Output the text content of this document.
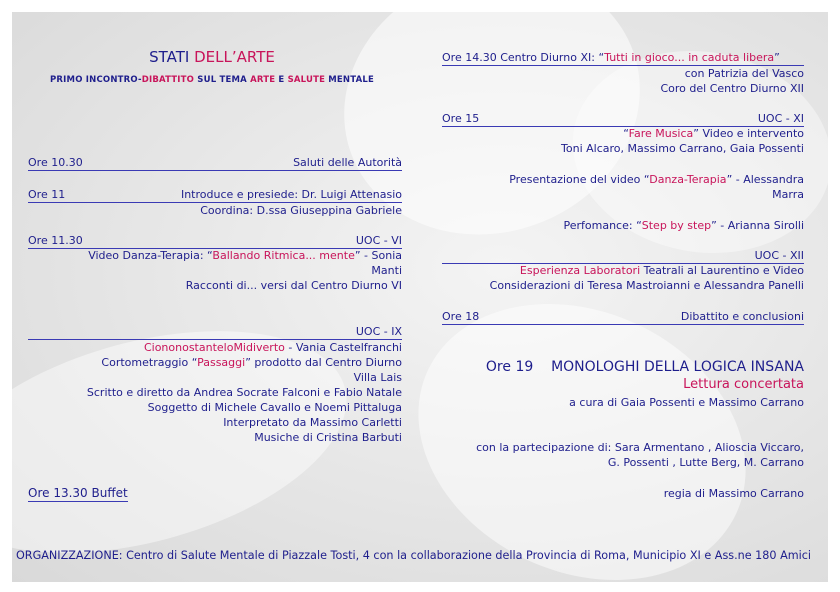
STATI DELL’ARTE
PRIMO INCONTRO-DIBATTITO SUL TEMA ARTE E SALUTE MENTALE
Ore 10.30	Saluti delle Autorità
Ore 11	Introduce e presiede: Dr. Luigi Attenasio
Coordina: D.ssa Giuseppina Gabriele
Ore 11.30	UOC - VI
Video Danza-Terapia: “Ballando Ritmica... mente” - Sonia
Manti
Racconti di... versi dal Centro Diurno VI
UOC - IX
CiononostanteloMidiverto - Vania Castelfranchi
Cortometraggio “Passaggi” prodotto dal Centro Diurno
Villa Lais
Scritto e diretto da Andrea Socrate Falconi e Fabio Natale
Soggetto di Michele Cavallo e Noemi Pittaluga
Interpretato da Massimo Carletti
Musiche di Cristina Barbuti
Ore 13.30 Buffet
Ore 14.30 Centro Diurno XI: “Tutti in gioco... in caduta libera”
con Patrizia del Vasco
Coro del Centro Diurno XII
Ore 15	UOC - XI
“Fare Musica” Video e intervento
Toni Alcaro, Massimo Carrano, Gaia Possenti
Presentazione del video “Danza-Terapia” - Alessandra
Marra
Perfomance: “Step by step” - Arianna Sirolli
UOC - XII
Esperienza Laboratori Teatrali al Laurentino e Video
Considerazioni di Teresa Mastroianni e Alessandra Panelli
Ore 18	Dibattito e conclusioni
Ore 19 MONOLOGHI DELLA LOGICA INSANA
Lettura concertata
a cura di Gaia Possenti e Massimo Carrano
con la partecipazione di: Sara Armentano , Alioscia Viccaro,
G. Possenti , Lutte Berg, M. Carrano
regia di Massimo Carrano
ORGANIZZAZIONE: Centro di Salute Mentale di Piazzale Tosti, 4 con la collaborazione della Provincia di Roma, Municipio XI e Ass.ne 180 Amici
